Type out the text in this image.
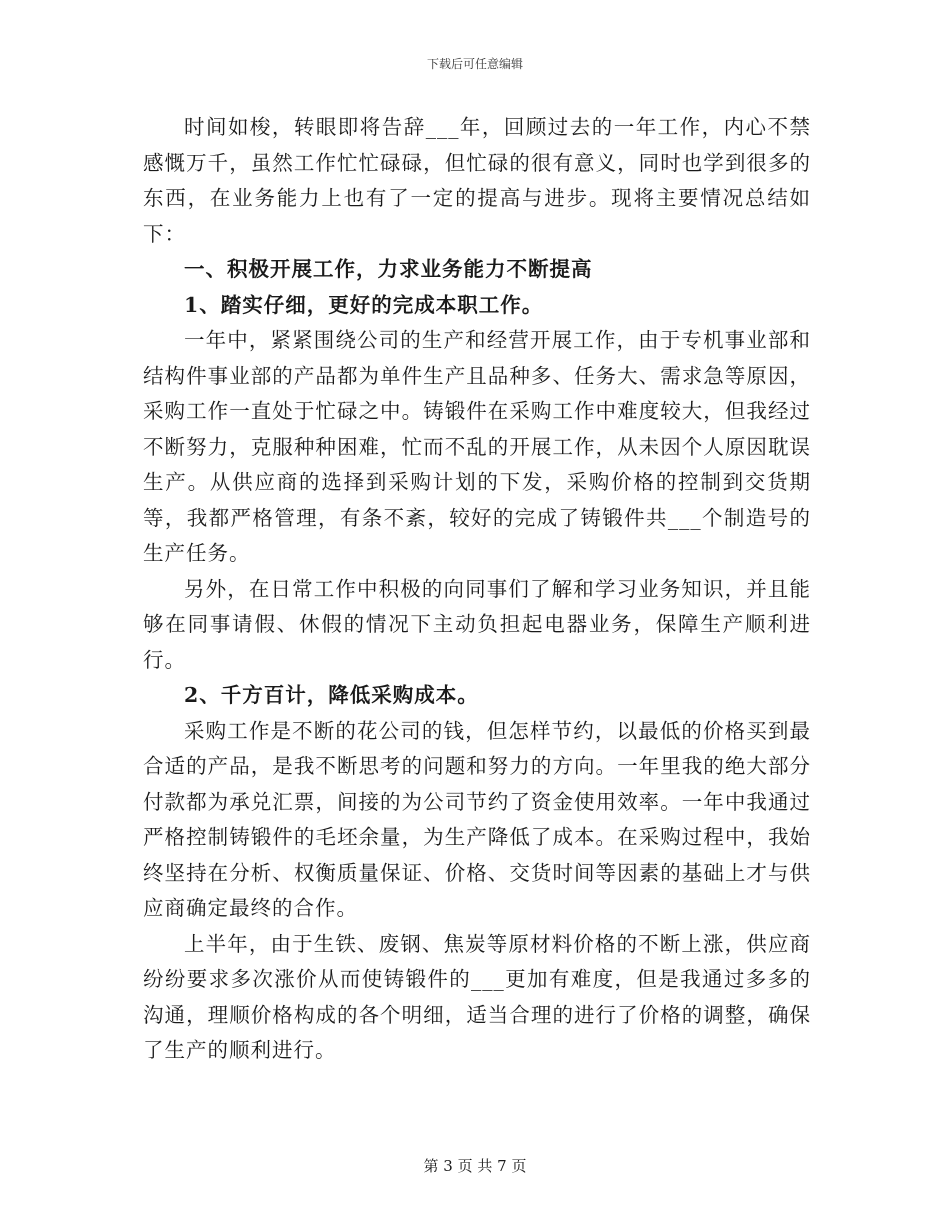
下载后可任意编辑

时间如梭，转眼即将告辞___年，回顾过去的一年工作，内心不禁感慨万千，虽然工作忙忙碌碌，但忙碌的很有意义，同时也学到很多的东西，在业务能力上也有了一定的提高与进步。现将主要情况总结如下：

一、积极开展工作，力求业务能力不断提高

1、踏实仔细，更好的完成本职工作。

一年中，紧紧围绕公司的生产和经营开展工作，由于专机事业部和结构件事业部的产品都为单件生产且品种多、任务大、需求急等原因，采购工作一直处于忙碌之中。铸锻件在采购工作中难度较大，但我经过不断努力，克服种种困难，忙而不乱的开展工作，从未因个人原因耽误生产。从供应商的选择到采购计划的下发，采购价格的控制到交货期等，我都严格管理，有条不紊，较好的完成了铸锻件共___个制造号的生产任务。

另外，在日常工作中积极的向同事们了解和学习业务知识，并且能够在同事请假、休假的情况下主动负担起电器业务，保障生产顺利进行。

2、千方百计，降低采购成本。

采购工作是不断的花公司的钱，但怎样节约，以最低的价格买到最合适的产品，是我不断思考的问题和努力的方向。一年里我的绝大部分付款都为承兑汇票，间接的为公司节约了资金使用效率。一年中我通过严格控制铸锻件的毛坯余量，为生产降低了成本。在采购过程中，我始终坚持在分析、权衡质量保证、价格、交货时间等因素的基础上才与供应商确定最终的合作。

上半年，由于生铁、废钢、焦炭等原材料价格的不断上涨，供应商纷纷要求多次涨价从而使铸锻件的___更加有难度，但是我通过多多的沟通，理顺价格构成的各个明细，适当合理的进行了价格的调整，确保了生产的顺利进行。

第 3 页 共 7 页
